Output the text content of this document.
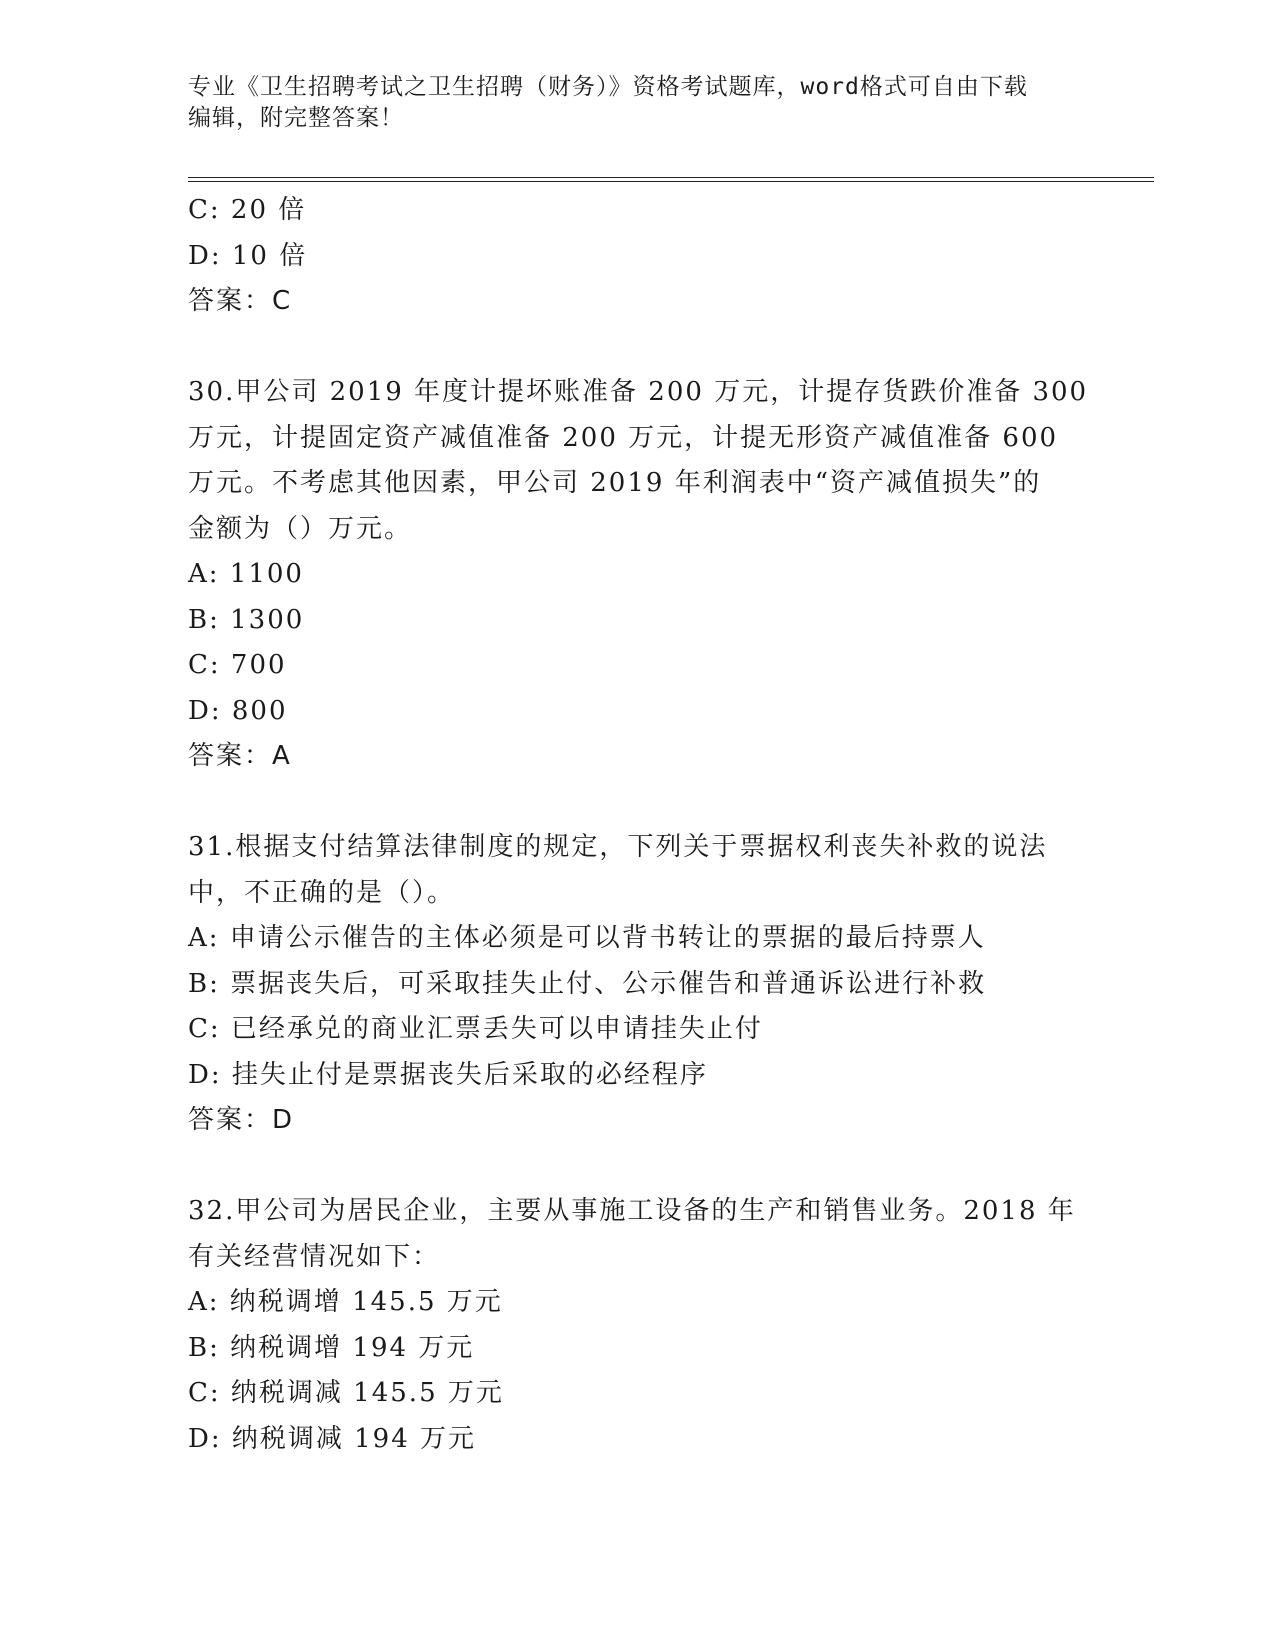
专业《卫生招聘考试之卫生招聘（财务）》资格考试题库，word格式可自由下载
编辑，附完整答案！
C: 20 倍
D: 10 倍
答案：C
30.甲公司 2019 年度计提坏账准备 200 万元，计提存货跌价准备 300
万元，计提固定资产减值准备 200 万元，计提无形资产减值准备 600
万元。不考虑其他因素，甲公司 2019 年利润表中“资产减值损失”的
金额为（）万元。
A: 1100
B: 1300
C: 700
D: 800
答案：A
31.根据支付结算法律制度的规定，下列关于票据权利丧失补救的说法
中，不正确的是（）。
A: 申请公示催告的主体必须是可以背书转让的票据的最后持票人
B: 票据丧失后，可采取挂失止付、公示催告和普通诉讼进行补救
C: 已经承兑的商业汇票丢失可以申请挂失止付
D: 挂失止付是票据丧失后采取的必经程序
答案：D
32.甲公司为居民企业，主要从事施工设备的生产和销售业务。2018 年
有关经营情况如下：
A: 纳税调增 145.5 万元
B: 纳税调增 194 万元
C: 纳税调减 145.5 万元
D: 纳税调减 194 万元
